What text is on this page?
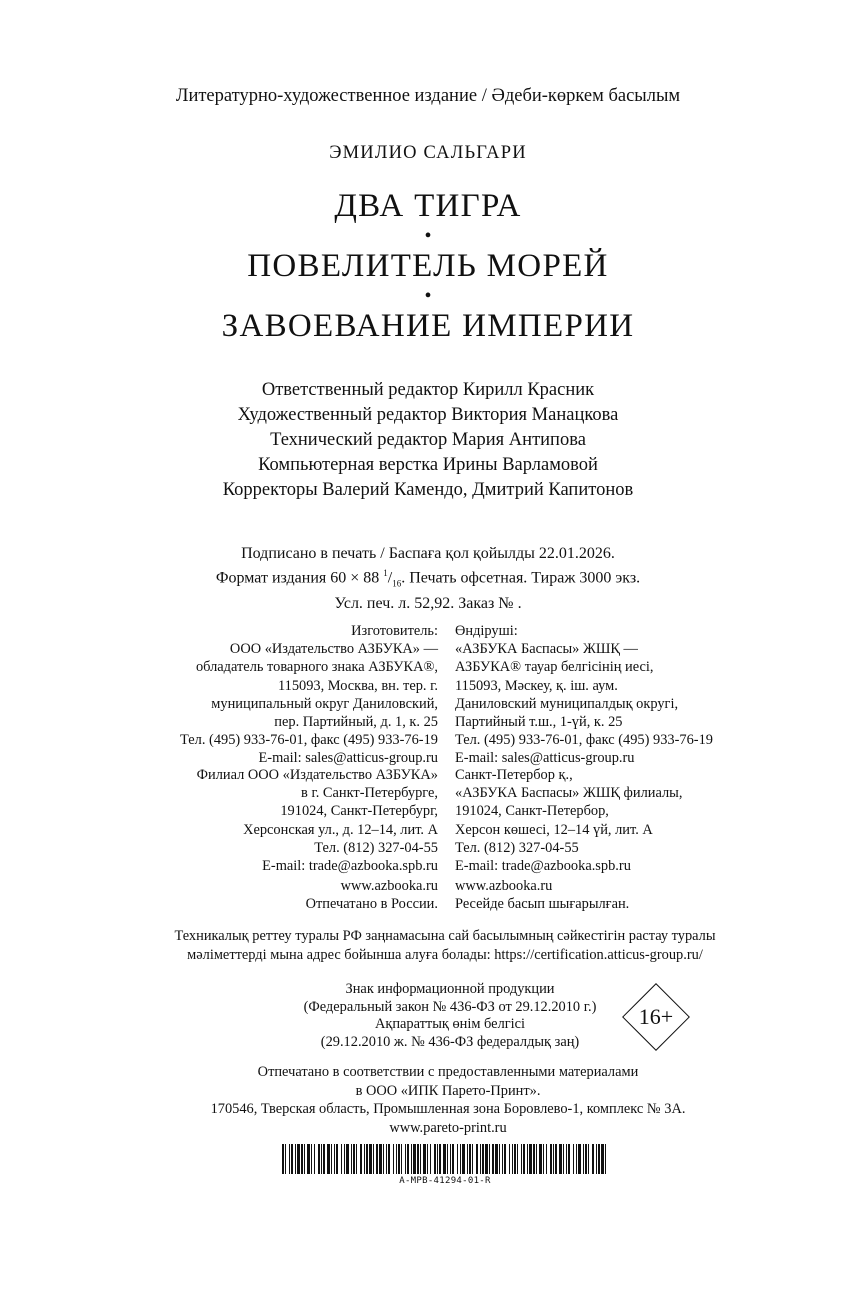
Литературно-художественное издание / Әдеби-көркем басылым
ЭМИЛИО САЛЬГАРИ
ДВА ТИГРА
•
ПОВЕЛИТЕЛЬ МОРЕЙ
•
ЗАВОЕВАНИЕ ИМПЕРИИ
Ответственный редактор Кирилл Красник
Художественный редактор Виктория Манацкова
Технический редактор Мария Антипова
Компьютерная верстка Ирины Варламовой
Корректоры Валерий Камендо, Дмитрий Капитонов
Подписано в печать / Баспаға қол қойылды 22.01.2026.
Формат издания 60 × 88 $^1/_{16}$. Печать офсетная. Тираж 3000 экз.
Усл. печ. л. 52,92. Заказ № .
Изготовитель:
ООО «Издательство АЗБУКА» —
обладатель товарного знака АЗБУКА®,
115093, Москва, вн. тер. г.
муниципальный округ Даниловский,
пер. Партийный, д. 1, к. 25
Тел. (495) 933-76-01, факс (495) 933-76-19
E-mail: sales@atticus-group.ru
Өндіруші:
«АЗБУКА Баспасы» ЖШҚ —
АЗБУКА® тауар белгісінің иесі,
115093, Мәскеу, қ. іш. аум.
Даниловский муниципалдық округі,
Партийный т.ш., 1-үй, к. 25
Тел. (495) 933-76-01, факс (495) 933-76-19
E-mail: sales@atticus-group.ru
Филиал ООО «Издательство АЗБУКА»
в г. Санкт-Петербурге,
191024, Санкт-Петербург,
Херсонская ул., д. 12–14, лит. А
Тел. (812) 327-04-55
E-mail: trade@azbooka.spb.ru
Санкт-Петербор қ.,
«АЗБУКА Баспасы» ЖШҚ филиалы,
191024, Санкт-Петербор,
Херсон көшесі, 12–14 үй, лит. А
Тел. (812) 327-04-55
E-mail: trade@azbooka.spb.ru
www.azbooka.ru
Отпечатано в России.
www.azbooka.ru
Ресейде басып шығарылған.
Техникалық реттеу туралы РФ заңнамасына сай басылымның сәйкестігін растау туралы
мәліметтерді мына адрес бойынша алуға болады: https://certification.atticus-group.ru/
Знак информационной продукции
(Федеральный закон № 436-ФЗ от 29.12.2010 г.)
Ақпараттық өнім белгісі
(29.12.2010 ж. № 436-ФЗ федералдық заң)
16+
Отпечатано в соответствии с предоставленными материалами
в ООО «ИПК Парето-Принт».
170546, Тверская область, Промышленная зона Боровлево-1, комплекс № 3А.
www.pareto-print.ru
A-MPB-41294-01-R
